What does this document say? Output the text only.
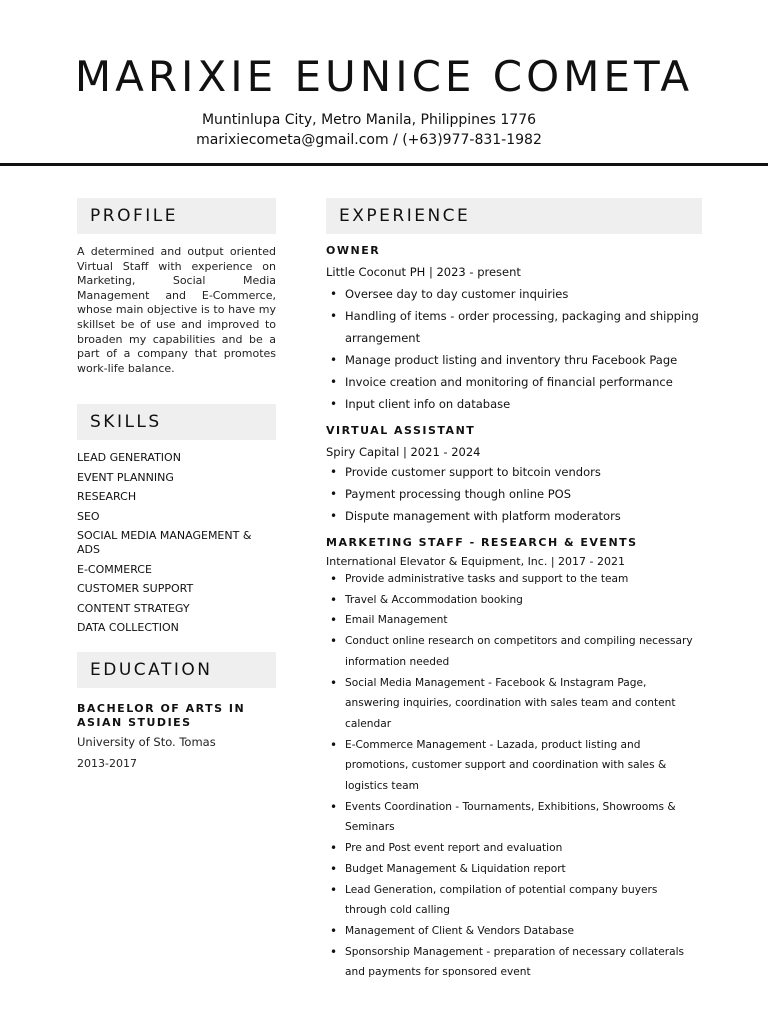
MARIXIE EUNICE COMETA
Muntinlupa City, Metro Manila, Philippines 1776
marixiecometa@gmail.com / (+63)977-831-1982
PROFILE

A determined and output oriented Virtual Staff with experience on Marketing, Social Media Management and E-Commerce, whose main objective is to have my skillset be of use and improved to broaden my capabilities and be a part of a company that promotes work-life balance.

SKILLS
LEAD GENERATION
EVENT PLANNING
RESEARCH
SEO
SOCIAL MEDIA MANAGEMENT & ADS
E-COMMERCE
CUSTOMER SUPPORT
CONTENT STRATEGY
DATA COLLECTION
EDUCATION
BACHELOR OF ARTS IN ASIAN STUDIES
University of Sto. Tomas
2013-2017
EXPERIENCE
OWNER
Little Coconut PH | 2023 - present
• Oversee day to day customer inquiries
• Handling of items - order processing, packaging and shipping arrangement
• Manage product listing and inventory thru Facebook Page
• Invoice creation and monitoring of financial performance
• Input client info on database
VIRTUAL ASSISTANT
Spiry Capital | 2021 - 2024
• Provide customer support to bitcoin vendors
• Payment processing though online POS
• Dispute management with platform moderators
MARKETING STAFF - RESEARCH & EVENTS
International Elevator & Equipment, Inc. | 2017 - 2021
• Provide administrative tasks and support to the team
• Travel & Accommodation booking
• Email Management
• Conduct online research on competitors and compiling necessary information needed
• Social Media Management - Facebook & Instagram Page, answering inquiries, coordination with sales team and content calendar
• E-Commerce Management - Lazada, product listing and promotions, customer support and coordination with sales & logistics team
• Events Coordination - Tournaments, Exhibitions, Showrooms & Seminars
• Pre and Post event report and evaluation
• Budget Management & Liquidation report
• Lead Generation, compilation of potential company buyers through cold calling
• Management of Client & Vendors Database
• Sponsorship Management - preparation of necessary collaterals and payments for sponsored event
